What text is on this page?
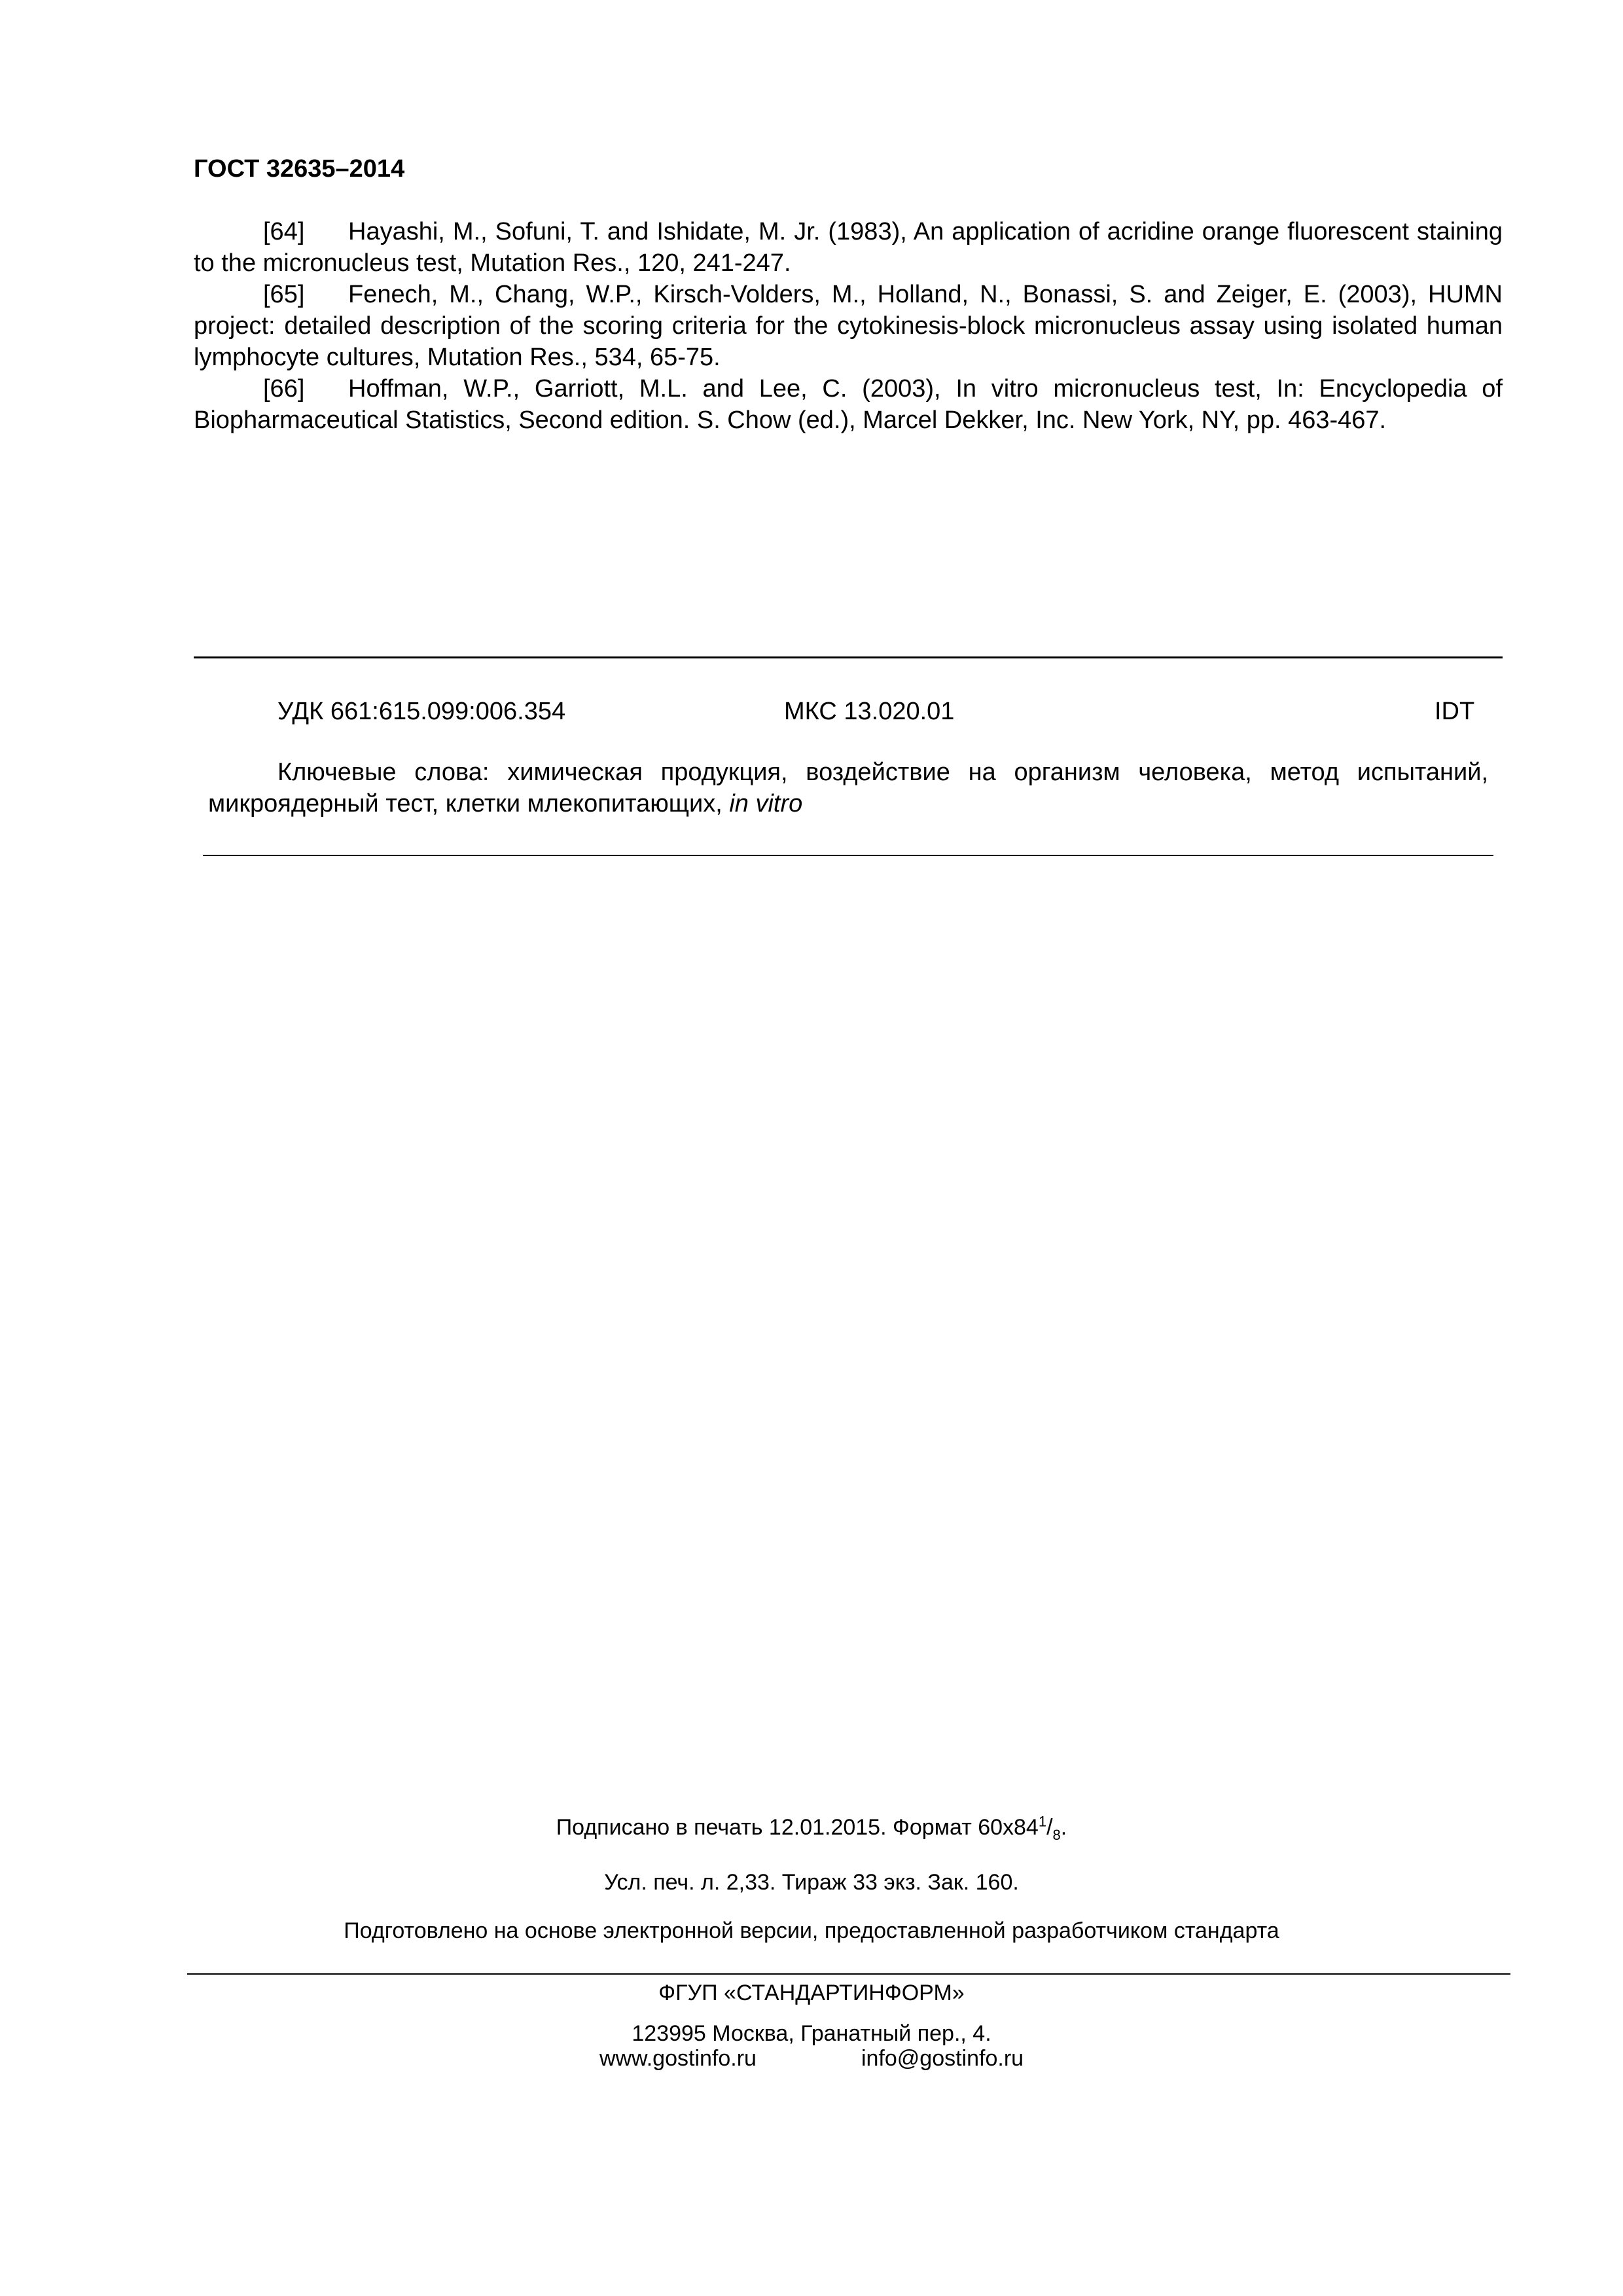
ГОСТ 32635–2014

[64] Hayashi, M., Sofuni, T. and Ishidate, M. Jr. (1983), An application of acridine orange fluorescent staining to the micronucleus test, Mutation Res., 120, 241-247.

[65] Fenech, M., Chang, W.P., Kirsch-Volders, M., Holland, N., Bonassi, S. and Zeiger, E. (2003), HUMN project: detailed description of the scoring criteria for the cytokinesis-block micronucleus assay using isolated human lymphocyte cultures, Mutation Res., 534, 65-75.

[66] Hoffman, W.P., Garriott, M.L. and Lee, C. (2003), In vitro micronucleus test, In: Encyclopedia of Biopharmaceutical Statistics, Second edition. S. Chow (ed.), Marcel Dekker, Inc. New York, NY, pp. 463-467.

УДК 661:615.099:006.354	МКС 13.020.01	IDT

Ключевые слова: химическая продукция, воздействие на организм человека, метод испытаний, микроядерный тест, клетки млекопитающих, in vitro

Подписано в печать 12.01.2015. Формат $60х84^1/_8$.

Усл. печ. л. 2,33. Тираж 33 экз. Зак. 160.

Подготовлено на основе электронной версии, предоставленной разработчиком стандарта

ФГУП «СТАНДАРТИНФОРМ»

123995 Москва, Гранатный пер., 4.

www.gostinfo.ru	info@gostinfo.ru
